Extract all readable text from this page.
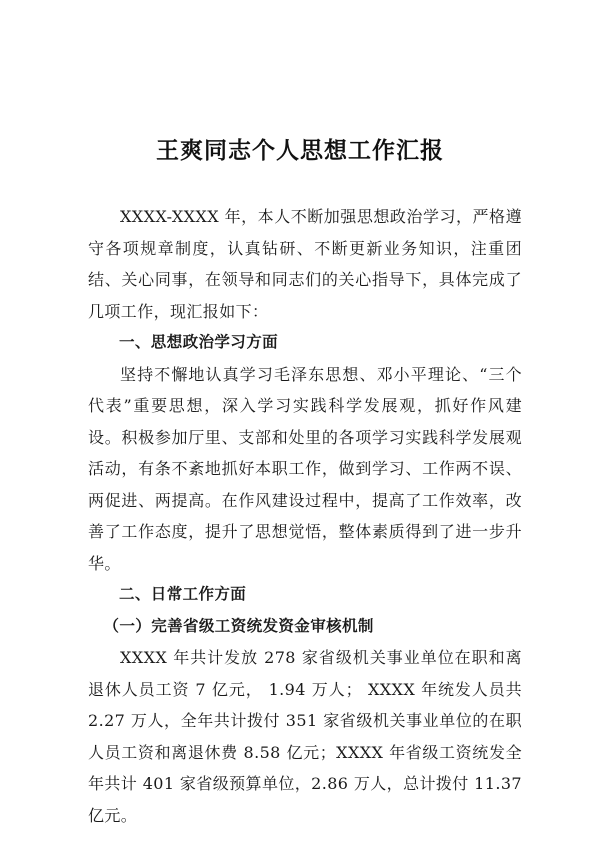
王爽同志个人思想工作汇报

XXXX-XXXX 年，本人不断加强思想政治学习，严格遵守各项规章制度，认真钻研、不断更新业务知识，注重团结、关心同事，在领导和同志们的关心指导下，具体完成了几项工作，现汇报如下：

一、思想政治学习方面

坚持不懈地认真学习毛泽东思想、邓小平理论、“三个代表”重要思想，深入学习实践科学发展观，抓好作风建设。积极参加厅里、支部和处里的各项学习实践科学发展观活动，有条不紊地抓好本职工作，做到学习、工作两不误、两促进、两提高。在作风建设过程中，提高了工作效率，改善了工作态度，提升了思想觉悟，整体素质得到了进一步升华。

二、日常工作方面

（一）完善省级工资统发资金审核机制

XXXX 年共计发放 278 家省级机关事业单位在职和离退休人员工资 7 亿元， 1.94 万人； XXXX 年统发人员共 2.27 万人，全年共计拨付 351 家省级机关事业单位的在职人员工资和离退休费 8.58 亿元；XXXX 年省级工资统发全年共计 401 家省级预算单位，2.86 万人，总计拨付 11.37 亿元。
